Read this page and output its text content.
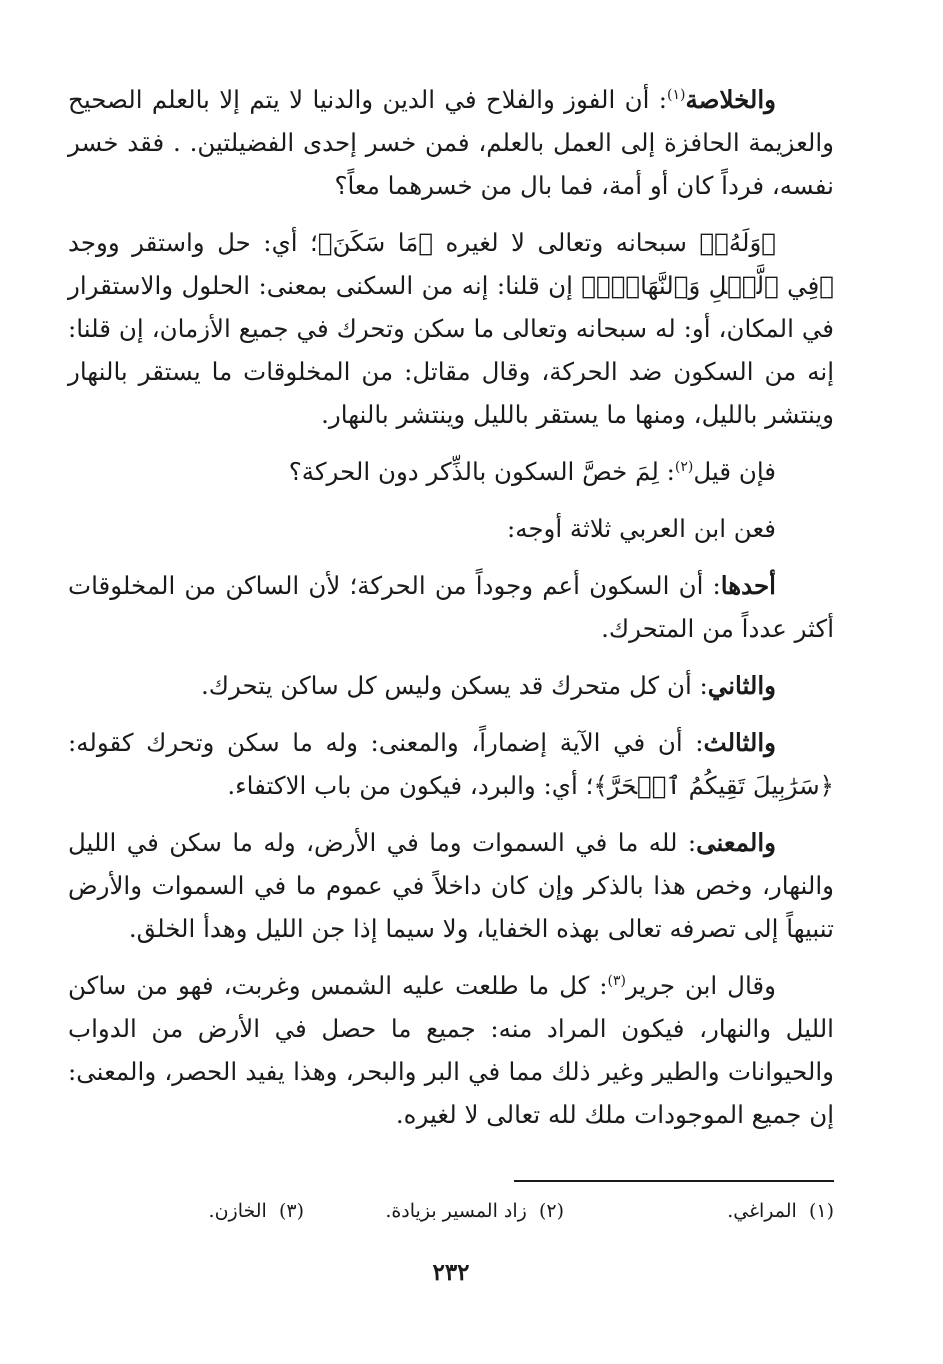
والخلاصة$^{(١)}$: أن الفوز والفلاح في الدين والدنيا لا يتم إلا بالعلم الصحيح والعزيمة الحافزة إلى العمل بالعلم، فمن خسر إحدى الفضيلتين. . فقد خسر نفسه، فرداً كان أو أمة، فما بال من خسرهما معاً؟

﴿وَلَهُۥ﴾ سبحانه وتعالى لا لغيره ﴿مَا سَكَنَ﴾؛ أي: حل واستقر ووجد ﴿فِي ٱلَّيۡلِ وَٱلنَّهَارِۚ﴾ إن قلنا: إنه من السكنى بمعنى: الحلول والاستقرار في المكان، أو: له سبحانه وتعالى ما سكن وتحرك في جميع الأزمان، إن قلنا: إنه من السكون ضد الحركة، وقال مقاتل: من المخلوقات ما يستقر بالنهار وينتشر بالليل، ومنها ما يستقر بالليل وينتشر بالنهار.

فإن قيل$^{(٢)}$: لِمَ خصَّ السكون بالذِّكر دون الحركة؟

فعن ابن العربي ثلاثة أوجه:

أحدها: أن السكون أعم وجوداً من الحركة؛ لأن الساكن من المخلوقات أكثر عدداً من المتحرك.

والثاني: أن كل متحرك قد يسكن وليس كل ساكن يتحرك.

والثالث: أن في الآية إضماراً، والمعنى: وله ما سكن وتحرك كقوله: ﴿سَرَٰبِيلَ تَقِيكُمُ ٱلۡحَرَّ﴾؛ أي: والبرد، فيكون من باب الاكتفاء.

والمعنى: لله ما في السموات وما في الأرض، وله ما سكن في الليل والنهار، وخص هذا بالذكر وإن كان داخلاً في عموم ما في السموات والأرض تنبيهاً إلى تصرفه تعالى بهذه الخفايا، ولا سيما إذا جن الليل وهدأ الخلق.

وقال ابن جرير$^{(٣)}$: كل ما طلعت عليه الشمس وغربت، فهو من ساكن الليل والنهار، فيكون المراد منه: جميع ما حصل في الأرض من الدواب والحيوانات والطير وغير ذلك مما في البر والبحر، وهذا يفيد الحصر، والمعنى: إن جميع الموجودات ملك لله تعالى لا لغيره.

(١)  المراغي.
(٢)  زاد المسير بزيادة.
(٣)  الخازن.
٢٣٢
